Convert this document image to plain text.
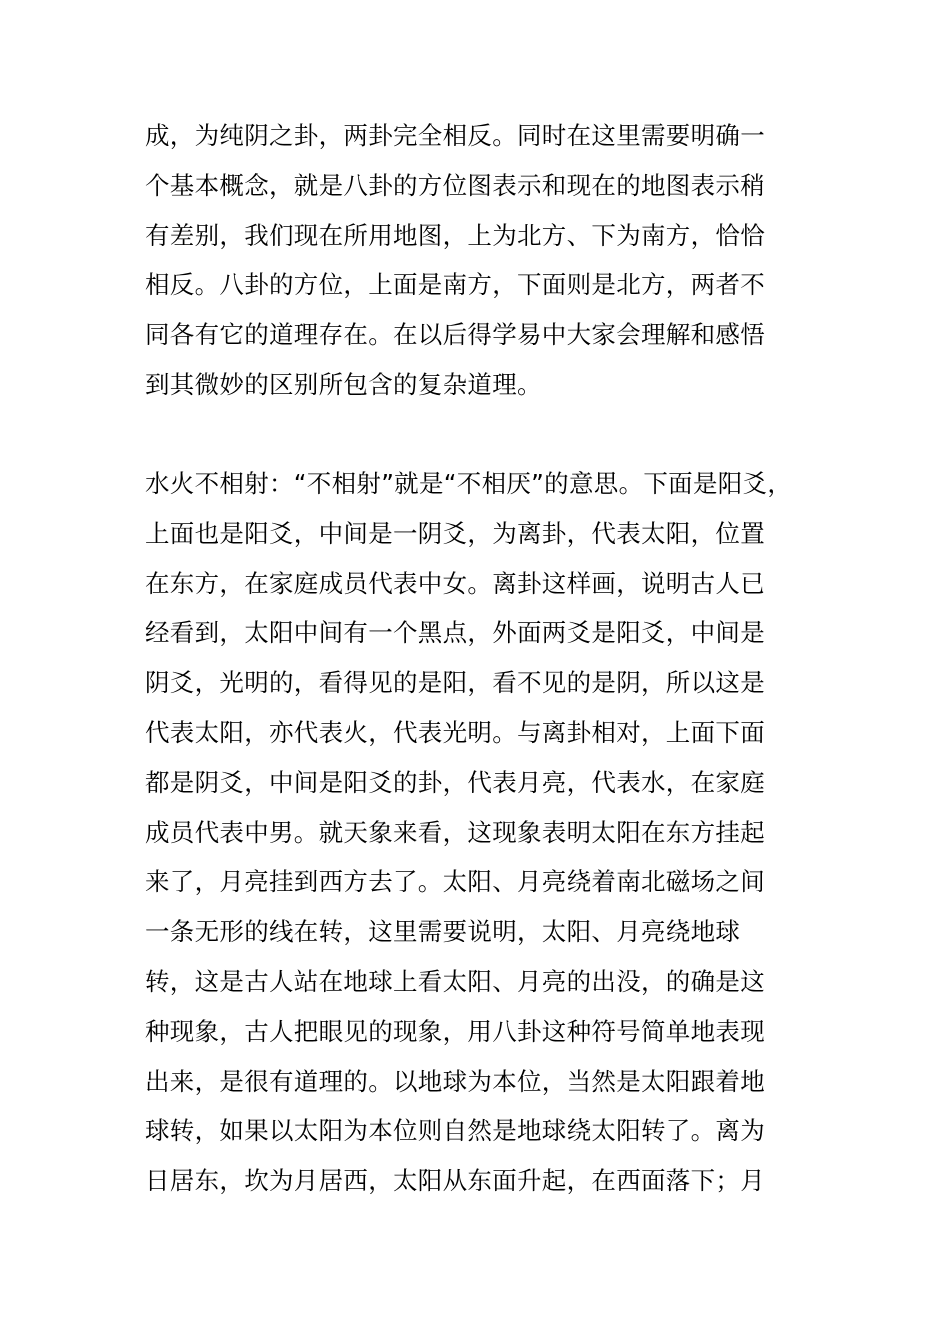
成，为纯阴之卦，两卦完全相反。同时在这里需要明确一
个基本概念，就是八卦的方位图表示和现在的地图表示稍
有差别，我们现在所用地图，上为北方、下为南方，恰恰
相反。八卦的方位，上面是南方，下面则是北方，两者不
同各有它的道理存在。在以后得学易中大家会理解和感悟
到其微妙的区别所包含的复杂道理。
水火不相射：“不相射”就是“不相厌”的意思。下面是阳爻，
上面也是阳爻，中间是一阴爻，为离卦，代表太阳，位置
在东方，在家庭成员代表中女。离卦这样画，说明古人已
经看到，太阳中间有一个黑点，外面两爻是阳爻，中间是
阴爻，光明的，看得见的是阳，看不见的是阴，所以这是
代表太阳，亦代表火，代表光明。与离卦相对，上面下面
都是阴爻，中间是阳爻的卦，代表月亮，代表水，在家庭
成员代表中男。就天象来看，这现象表明太阳在东方挂起
来了，月亮挂到西方去了。太阳、月亮绕着南北磁场之间
一条无形的线在转，这里需要说明，太阳、月亮绕地球
转，这是古人站在地球上看太阳、月亮的出没，的确是这
种现象，古人把眼见的现象，用八卦这种符号简单地表现
出来，是很有道理的。以地球为本位，当然是太阳跟着地
球转，如果以太阳为本位则自然是地球绕太阳转了。离为
日居东，坎为月居西，太阳从东面升起，在西面落下；月
